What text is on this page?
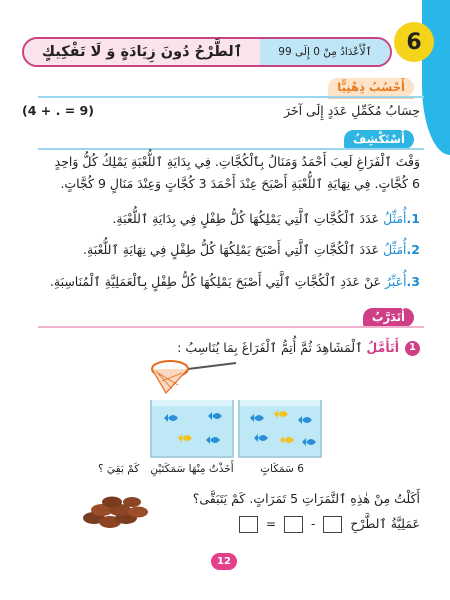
6
ٱلْأَعْدَادُ مِنْ 0 إِلَى 99
ٱلطَّرْحُ دُونَ زِيَادَةٍ وَ لَا تَفْكِيكٍ
أَحْسُبُ ذِهْنِيًّا
حِسَابُ مُكَمِّلِ عَدَدٍ إِلَى آخَرَ
(4 + . = 9)
أَسْتَكْشِفُ
وَقْتَ ٱلْفَرَاغِ لَعِبَ أَحْمَدُ وَمَنَالُ بِٱلْكُجَّاتِ. فِي بِدَايَةِ ٱللُّعْبَةِ يَمْلِكُ كُلُّ وَاحِدٍ
6 كُجَّاتٍ. فِي نِهَايَةِ ٱللُّعْبَةِ أَصْبَحَ عِنْدَ أَحْمَدَ 3 كُجَّاتٍ وَعِنْدَ مَنَالٍ 9 كُجَّاتٍ.
1.أُمَثِّلُ عَدَدَ ٱلْكُجَّاتِ ٱلَّتِي يَمْلِكُهَا كُلُّ طِفْلٍ فِي بِدَايَةِ ٱللُّعْبَةِ.
2.أُمَثِّلُ عَدَدَ ٱلْكُجَّاتِ ٱلَّتِي أَصْبَحَ يَمْلِكُهَا كُلُّ طِفْلٍ فِي نِهَايَةِ ٱللُّعْبَةِ.
3.أُعَبِّرُ عَنْ عَدَدِ ٱلْكُجَّاتِ ٱلَّتِي أَصْبَحَ يَمْلِكُهَا كُلُّ طِفْلٍ بِٱلْعَمَلِيَّةِ ٱلْمُنَاسِبَةِ.
أَتَدَرَّبُ
1
أَتَأَمَّلُ ٱلْمَشَاهِدَ ثُمَّ أُتِمُّ ٱلْفَرَاغَ بِمَا يُنَاسِبُ :
6 سَمَكَاتٍ
أَخَذْتُ مِنْهَا سَمَكَتَيْنِ
كَمْ بَقِيَ ؟
أَكَلْتُ مِنْ هٰذِهِ ٱلتَّمَرَاتِ 5 تَمَرَاتٍ. كَمْ يَتَبَقَّى؟
عَمَلِيَّةُ ٱلطَّرْحِ
-
=
12
